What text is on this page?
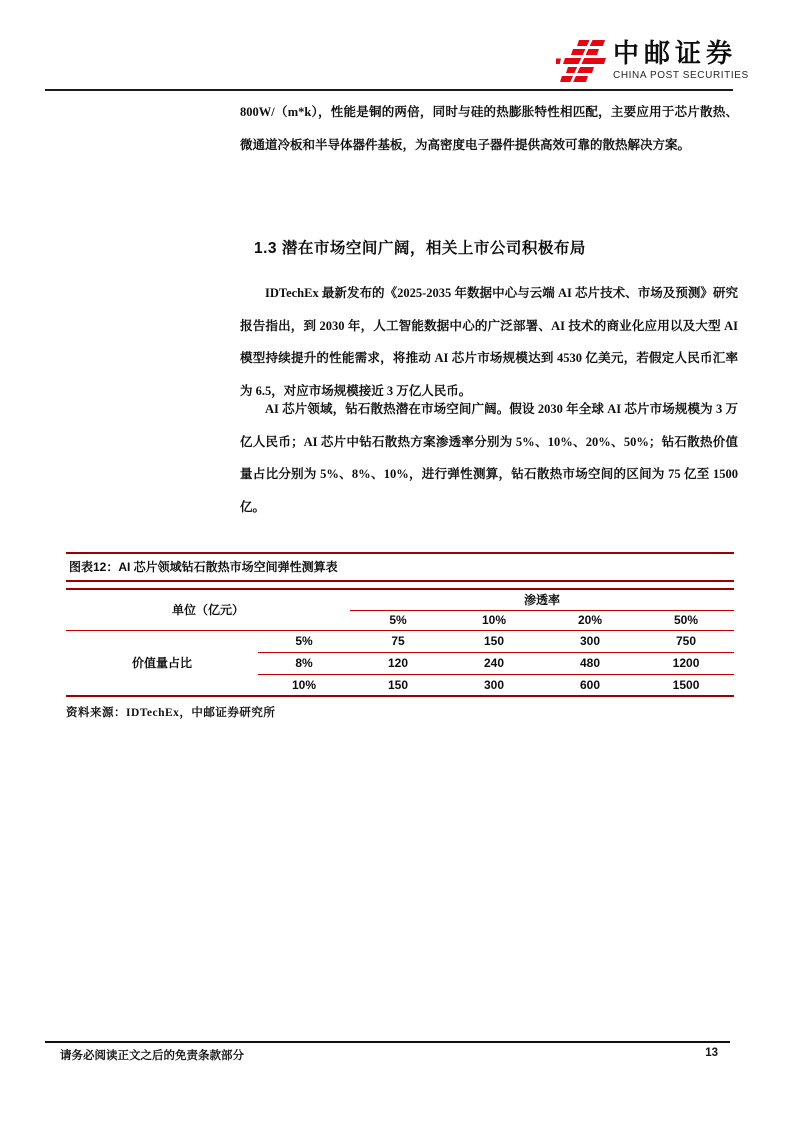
中邮证券
CHINA POST SECURITIES

800W/（m*k），性能是铜的两倍，同时与硅的热膨胀特性相匹配，主要应用于芯片散热、微通道冷板和半导体器件基板，为高密度电子器件提供高效可靠的散热解决方案。

1.3 潜在市场空间广阔，相关上市公司积极布局

IDTechEx 最新发布的《2025-2035 年数据中心与云端 AI 芯片技术、市场及预测》研究报告指出，到 2030 年，人工智能数据中心的广泛部署、AI 技术的商业化应用以及大型 AI 模型持续提升的性能需求，将推动 AI 芯片市场规模达到 4530 亿美元，若假定人民币汇率为 6.5，对应市场规模接近 3 万亿人民币。

AI 芯片领域，钻石散热潜在市场空间广阔。假设 2030 年全球 AI 芯片市场规模为 3 万亿人民币；AI 芯片中钻石散热方案渗透率分别为 5%、10%、20%、50%；钻石散热价值量占比分别为 5%、8%、10%，进行弹性测算，钻石散热市场空间的区间为 75 亿至 1500 亿。

图表12：AI 芯片领域钻石散热市场空间弹性测算表
单位（亿元）		渗透率			
		5%	10%	20%	50%
价值量占比	5%	75	150	300	750
	8%	120	240	480	1200
	10%	150	300	600	1500
资料来源：IDTechEx，中邮证券研究所
请务必阅读正文之后的免责条款部分	13
